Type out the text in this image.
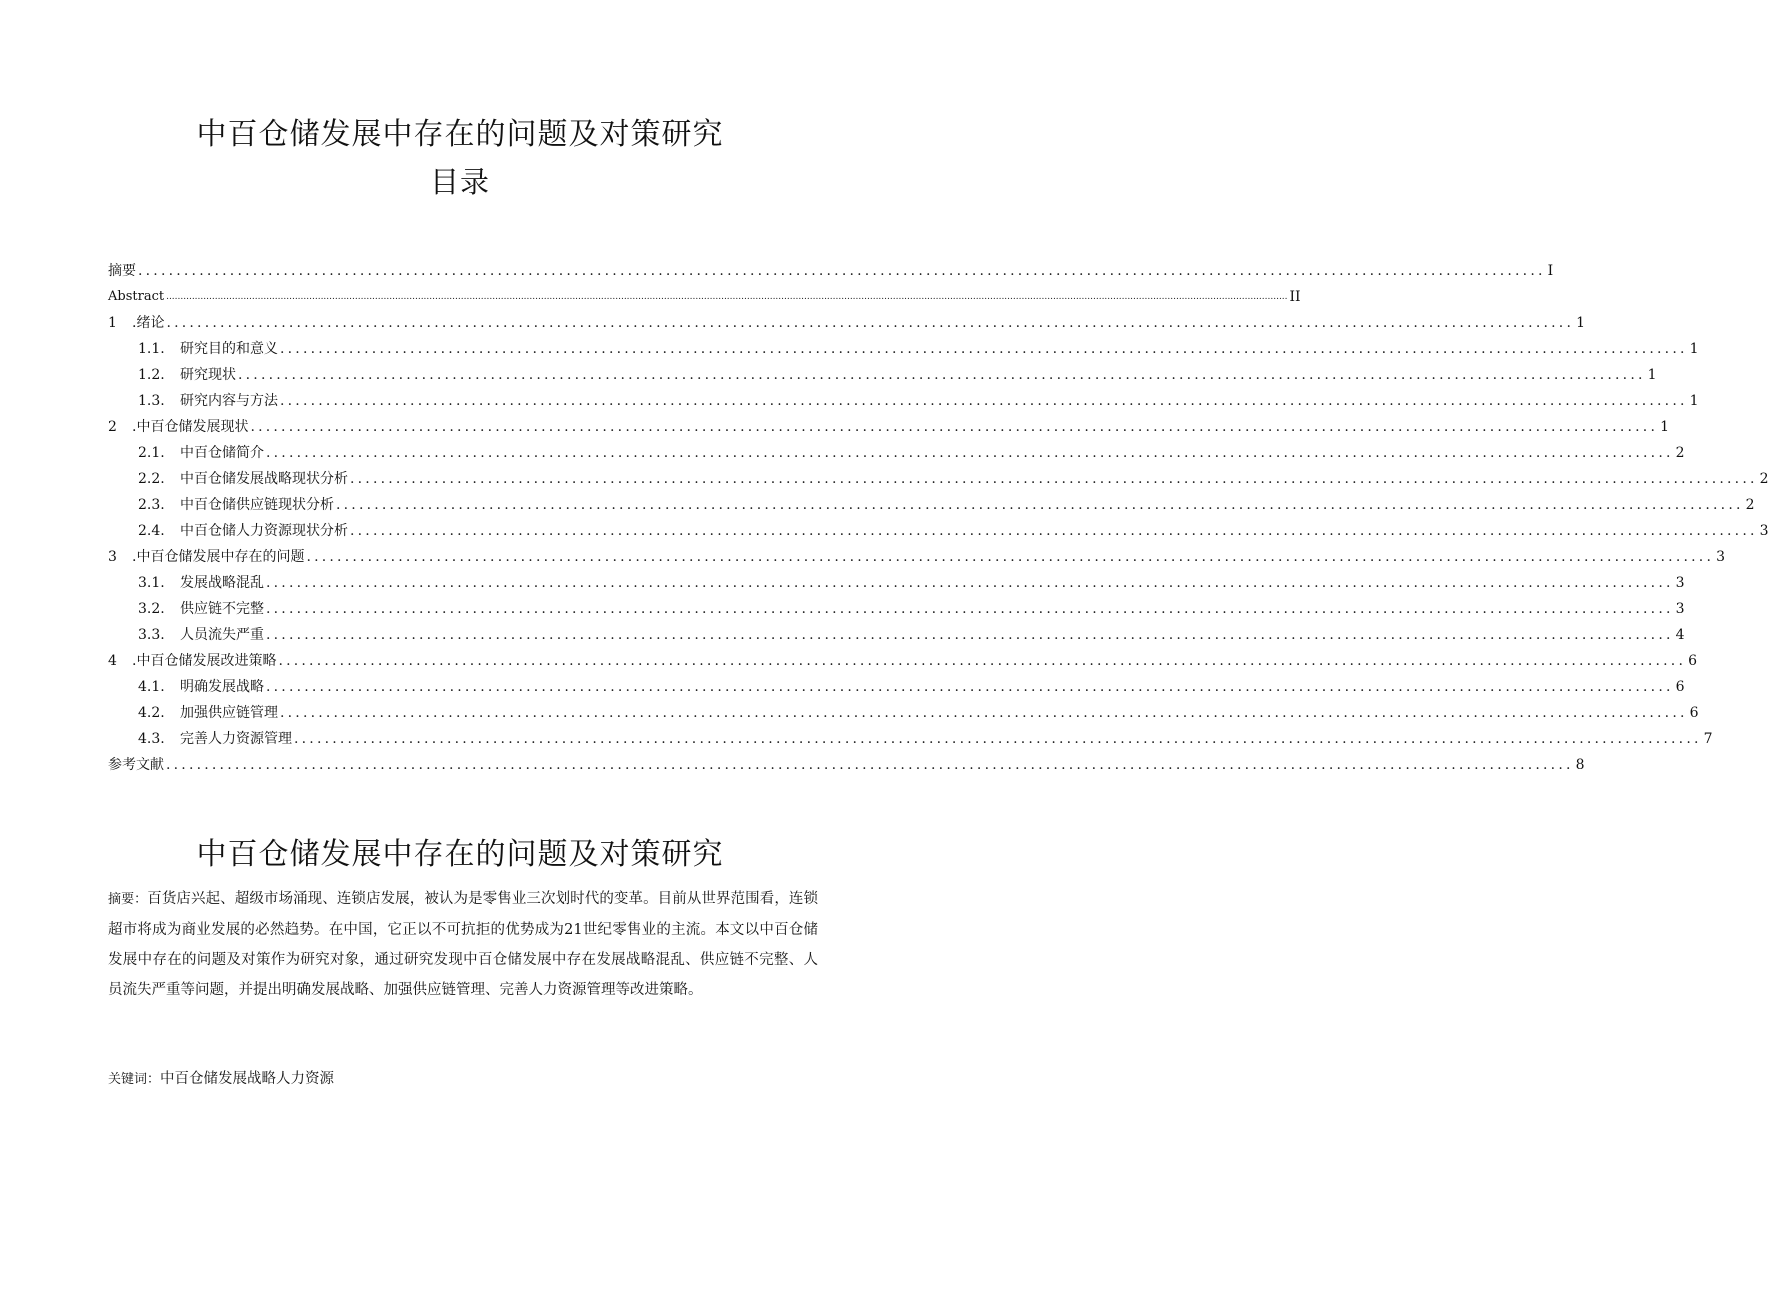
中百仓储发展中存在的问题及对策研究
目录
摘要 ........................................................................................................................................................................................ I
Abstract ........................................................................................................................................................................................................................................................................................................................................................................................................ II
1	.绪论 ........................................................................................................................................................................................ 1
1.1.	研究目的和意义 ........................................................................................................................................................................................ 1
1.2.	研究现状 ........................................................................................................................................................................................ 1
1.3.	研究内容与方法 ........................................................................................................................................................................................ 1
2	.中百仓储发展现状 ........................................................................................................................................................................................ 1
2.1.	中百仓储简介 ........................................................................................................................................................................................ 2
2.2.	中百仓储发展战略现状分析 ........................................................................................................................................................................................ 2
2.3.	中百仓储供应链现状分析 ........................................................................................................................................................................................ 2
2.4.	中百仓储人力资源现状分析 ........................................................................................................................................................................................ 3
3	.中百仓储发展中存在的问题 ........................................................................................................................................................................................ 3
3.1.	发展战略混乱 ........................................................................................................................................................................................ 3
3.2.	供应链不完整 ........................................................................................................................................................................................ 3
3.3.	人员流失严重 ........................................................................................................................................................................................ 4
4	.中百仓储发展改进策略 ........................................................................................................................................................................................ 6
4.1.	明确发展战略 ........................................................................................................................................................................................ 6
4.2.	加强供应链管理 ........................................................................................................................................................................................ 6
4.3.	完善人力资源管理 ........................................................................................................................................................................................ 7
参考文献 ........................................................................................................................................................................................ 8
中百仓储发展中存在的问题及对策研究
摘要：百货店兴起、超级市场涌现、连锁店发展，被认为是零售业三次划时代的变革。目前从世界范围看，连锁超市将成为商业发展的必然趋势。在中国，它正以不可抗拒的优势成为21世纪零售业的主流。本文以中百仓储发展中存在的问题及对策作为研究对象，通过研究发现中百仓储发展中存在发展战略混乱、供应链不完整、人员流失严重等问题，并提出明确发展战略、加强供应链管理、完善人力资源管理等改进策略。
关键词：中百仓储发展战略人力资源
